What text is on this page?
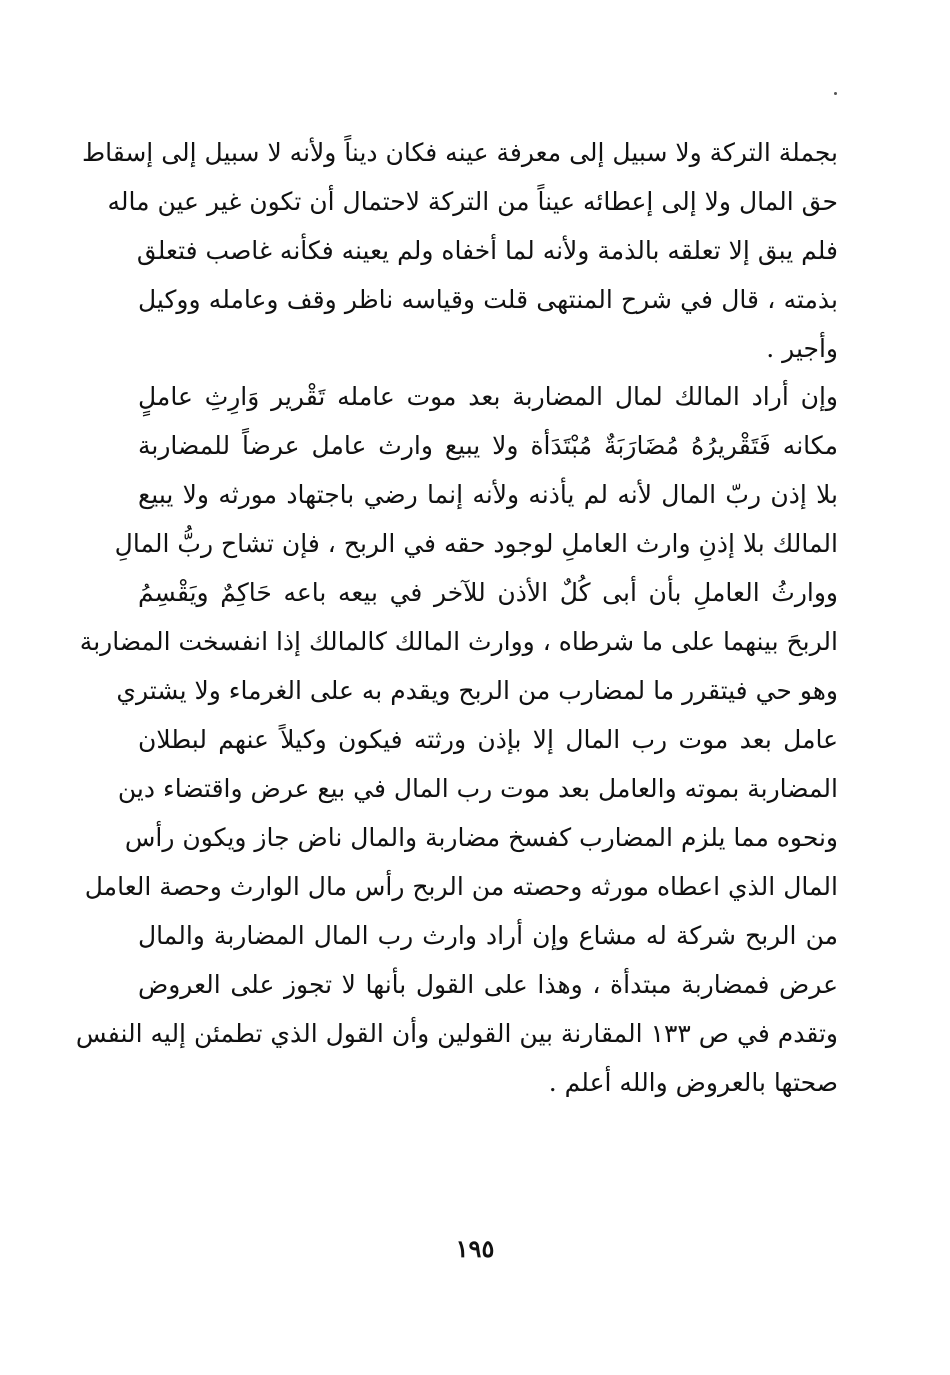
بجملة التركة ولا سبيل إلى معرفة عينه فكان ديناً ولأنه لا سبيل إلى إسقاط
حق المال ولا إلى إعطائه عيناً من التركة لاحتمال أن تكون غير عين ماله
فلم يبق إلا تعلقه بالذمة ولأنه لما أخفاه ولم يعينه فكأنه غاصب فتعلق
بذمته ، قال في شرح المنتهى قلت وقياسه ناظر وقف وعامله ووكيل
وأجير .
وإن أراد المالك لمال المضاربة بعد موت عامله تَقْرير وَارِثِ عاملٍ
مكانه فَتَقْريرُهُ مُضَارَبَةٌ مُبْتَدَأة ولا يبيع وارث عامل عرضاً للمضاربة
بلا إذن ربّ المال لأنه لم يأذنه ولأنه إنما رضي باجتهاد مورثه ولا يبيع
المالك بلا إذنِ وارث العاملِ لوجود حقه في الربح ، فإن تشاح ربُّ المالِ
ووارثُ العاملِ بأن أبى كُلٌ الأذن للآخر في بيعه باعه حَاكِمٌ ويَقْسِمُ
الربحَ بينهما على ما شرطاه ، ووارث المالك كالمالك إذا انفسخت المضاربة
وهو حي فيتقرر ما لمضارب من الربح ويقدم به على الغرماء ولا يشتري
عامل بعد موت رب المال إلا بإذن ورثته فيكون وكيلاً عنهم لبطلان
المضاربة بموته والعامل بعد موت رب المال في بيع عرض واقتضاء دين
ونحوه مما يلزم المضارب كفسخ مضاربة والمال ناض جاز ويكون رأس
المال الذي اعطاه مورثه وحصته من الربح رأس مال الوارث وحصة العامل
من الربح شركة له مشاع وإن أراد وارث رب المال المضاربة والمال
عرض فمضاربة مبتدأة ، وهذا على القول بأنها لا تجوز على العروض
وتقدم في ص ١٣٣ المقارنة بين القولين وأن القول الذي تطمئن إليه النفس
صحتها بالعروض والله أعلم .
١٩٥
